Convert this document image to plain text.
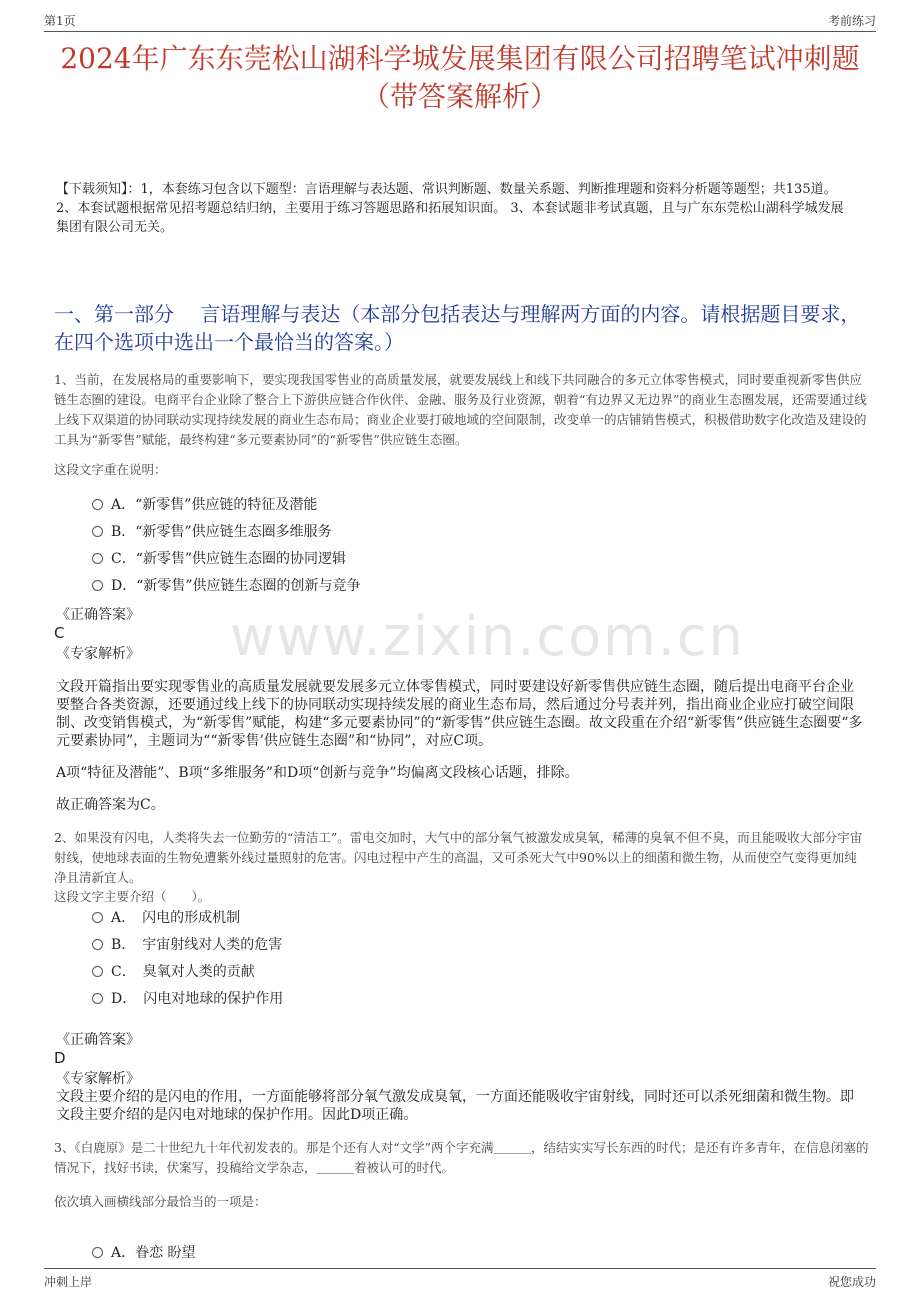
第1页	考前练习
2024年广东东莞松山湖科学城发展集团有限公司招聘笔试冲刺题（带答案解析）
【下载须知】：1，本套练习包含以下题型：言语理解与表达题、常识判断题、数量关系题、判断推理题和资料分析题等题型；共135道。 2、本套试题根据常见招考题总结归纳，主要用于练习答题思路和拓展知识面。 3、本套试题非考试真题，且与广东东莞松山湖科学城发展集团有限公司无关。
一、第一部分　 言语理解与表达（本部分包括表达与理解两方面的内容。请根据题目要求，在四个选项中选出一个最恰当的答案。）
www.zixin.com.cn
1、当前，在发展格局的重要影响下，要实现我国零售业的高质量发展，就要发展线上和线下共同融合的多元立体零售模式，同时要重视新零售供应链生态圈的建设。电商平台企业除了整合上下游供应链合作伙伴、金融、服务及行业资源，朝着“有边界又无边界”的商业生态圈发展，还需要通过线上线下双渠道的协同联动实现持续发展的商业生态布局；商业企业要打破地域的空间限制，改变单一的店铺销售模式，积极借助数字化改造及建设的工具为“新零售”赋能，最终构建“多元要素协同”的“新零售”供应链生态圈。
这段文字重在说明：
A．“新零售”供应链的特征及潜能
B．“新零售”供应链生态圈多维服务
C．“新零售”供应链生态圈的协同逻辑
D．“新零售”供应链生态圈的创新与竞争
《正确答案》
C
《专家解析》
文段开篇指出要实现零售业的高质量发展就要发展多元立体零售模式，同时要建设好新零售供应链生态圈，随后提出电商平台企业要整合各类资源，还要通过线上线下的协同联动实现持续发展的商业生态布局，然后通过分号表并列，指出商业企业应打破空间限制、改变销售模式，为“新零售”赋能，构建“多元要素协同”的“新零售”供应链生态圈。故文段重在介绍“新零售”供应链生态圈要“多元要素协同”，主题词为““新零售’供应链生态圈”和“协同”，对应C项。
A项“特征及潜能”、B项“多维服务”和D项“创新与竞争”均偏离文段核心话题，排除。
故正确答案为C。
2、如果没有闪电，人类将失去一位勤劳的“清洁工”。雷电交加时，大气中的部分氧气被激发成臭氧，稀薄的臭氧不但不臭，而且能吸收大部分宇宙射线，使地球表面的生物免遭紫外线过量照射的危害。闪电过程中产生的高温，又可杀死大气中90%以上的细菌和微生物，从而使空气变得更加纯净且清新宜人。
这段文字主要介绍（　　）。
A．　闪电的形成机制
B．　宇宙射线对人类的危害
C．　臭氧对人类的贡献
D．　闪电对地球的保护作用
《正确答案》
D
《专家解析》
文段主要介绍的是闪电的作用，一方面能够将部分氧气激发成臭氧，一方面还能吸收宇宙射线，同时还可以杀死细菌和微生物。即文段主要介绍的是闪电对地球的保护作用。因此D项正确。
3、《白鹿原》是二十世纪九十年代初发表的。那是个还有人对“文学”两个字充满＿＿＿，结结实实写长东西的时代；是还有许多青年，在信息闭塞的情况下，找好书读，伏案写，投稿给文学杂志，＿＿＿着被认可的时代。
依次填入画横线部分最恰当的一项是：
A．眷恋 盼望
冲刺上岸	祝您成功
